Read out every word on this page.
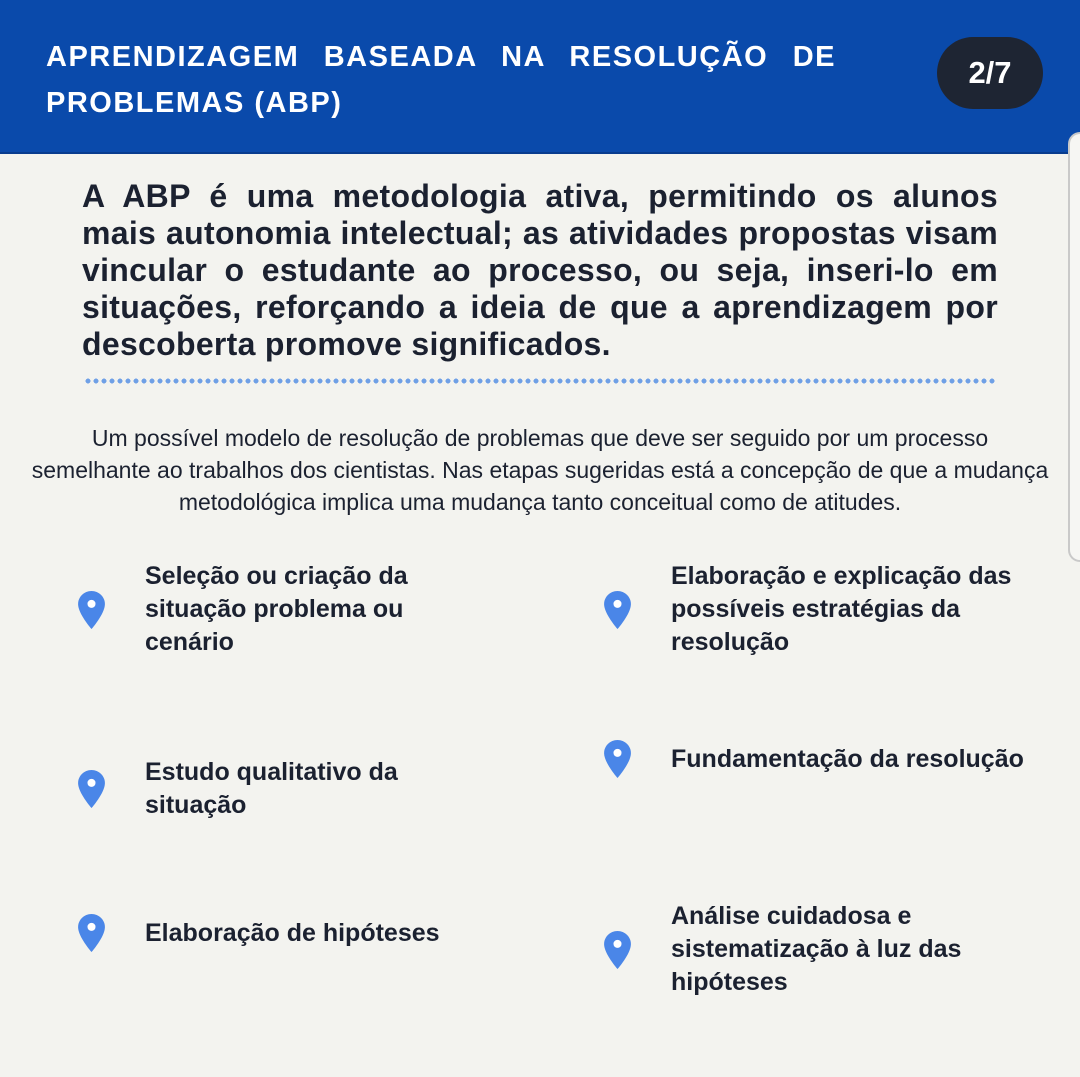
APRENDIZAGEM BASEADA NA RESOLUÇÃO DE PROBLEMAS (ABP)
2/7

A ABP é uma metodologia ativa, permitindo os alunos mais autonomia intelectual; as atividades propostas visam vincular o estudante ao processo, ou seja, inseri-lo em situações, reforçando a ideia de que a aprendizagem por descoberta promove significados.

Um possível modelo de resolução de problemas que deve ser seguido por um processo semelhante ao trabalhos dos cientistas. Nas etapas sugeridas está a concepção de que a mudança metodológica implica uma mudança tanto conceitual como de atitudes.

Seleção ou criação da situação problema ou cenário
Elaboração e explicação das possíveis estratégias da resolução
Estudo qualitativo da situação
Fundamentação da resolução
Elaboração de hipóteses
Análise cuidadosa e sistematização à luz das hipóteses
